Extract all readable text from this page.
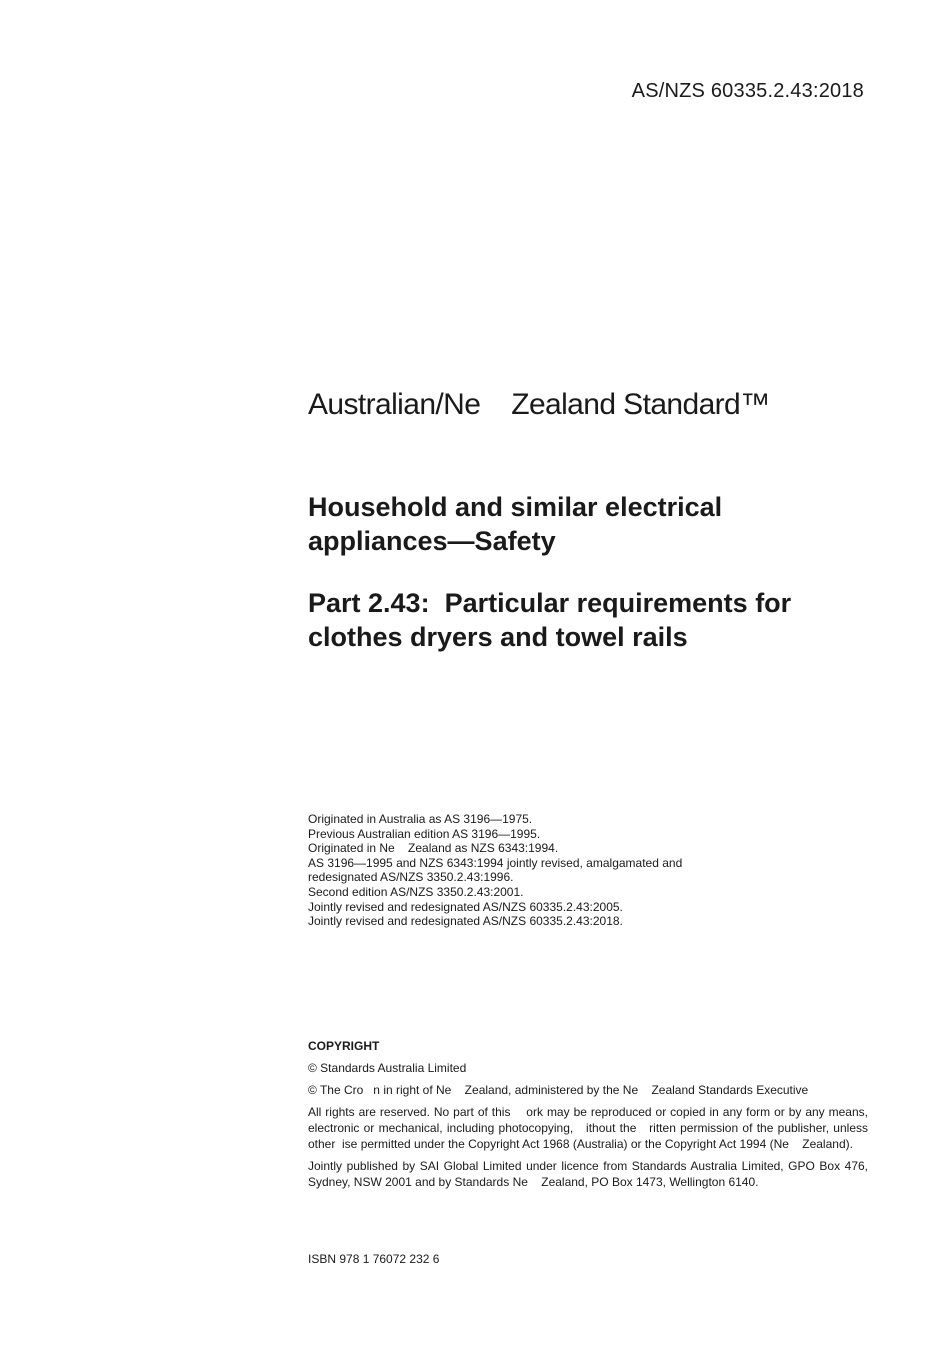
AS/NZS 60335.2.43:2018
Australian/Ne    Zealand Standard™
Household and similar electrical appliances—Safety
Part 2.43:  Particular requirements for clothes dryers and towel rails
Originated in Australia as AS 3196—1975.
Previous Australian edition AS 3196—1995.
Originated in Ne    Zealand as NZS 6343:1994.
AS 3196—1995 and NZS 6343:1994 jointly revised, amalgamated and
redesignated AS/NZS 3350.2.43:1996.
Second edition AS/NZS 3350.2.43:2001.
Jointly revised and redesignated AS/NZS 60335.2.43:2005.
Jointly revised and redesignated AS/NZS 60335.2.43:2018.

COPYRIGHT

© Standards Australia Limited

© The Cro   n in right of Ne    Zealand, administered by the Ne    Zealand Standards Executive

All rights are reserved. No part of this    ork may be reproduced or copied in any form or by any means, electronic or mechanical, including photocopying,   ithout the   ritten permission of the publisher, unless other  ise permitted under the Copyright Act 1968 (Australia) or the Copyright Act 1994 (Ne    Zealand).

Jointly published by SAI Global Limited under licence from Standards Australia Limited, GPO Box 476, Sydney, NSW 2001 and by Standards Ne    Zealand, PO Box 1473, Wellington 6140.

ISBN 978 1 76072 232 6
